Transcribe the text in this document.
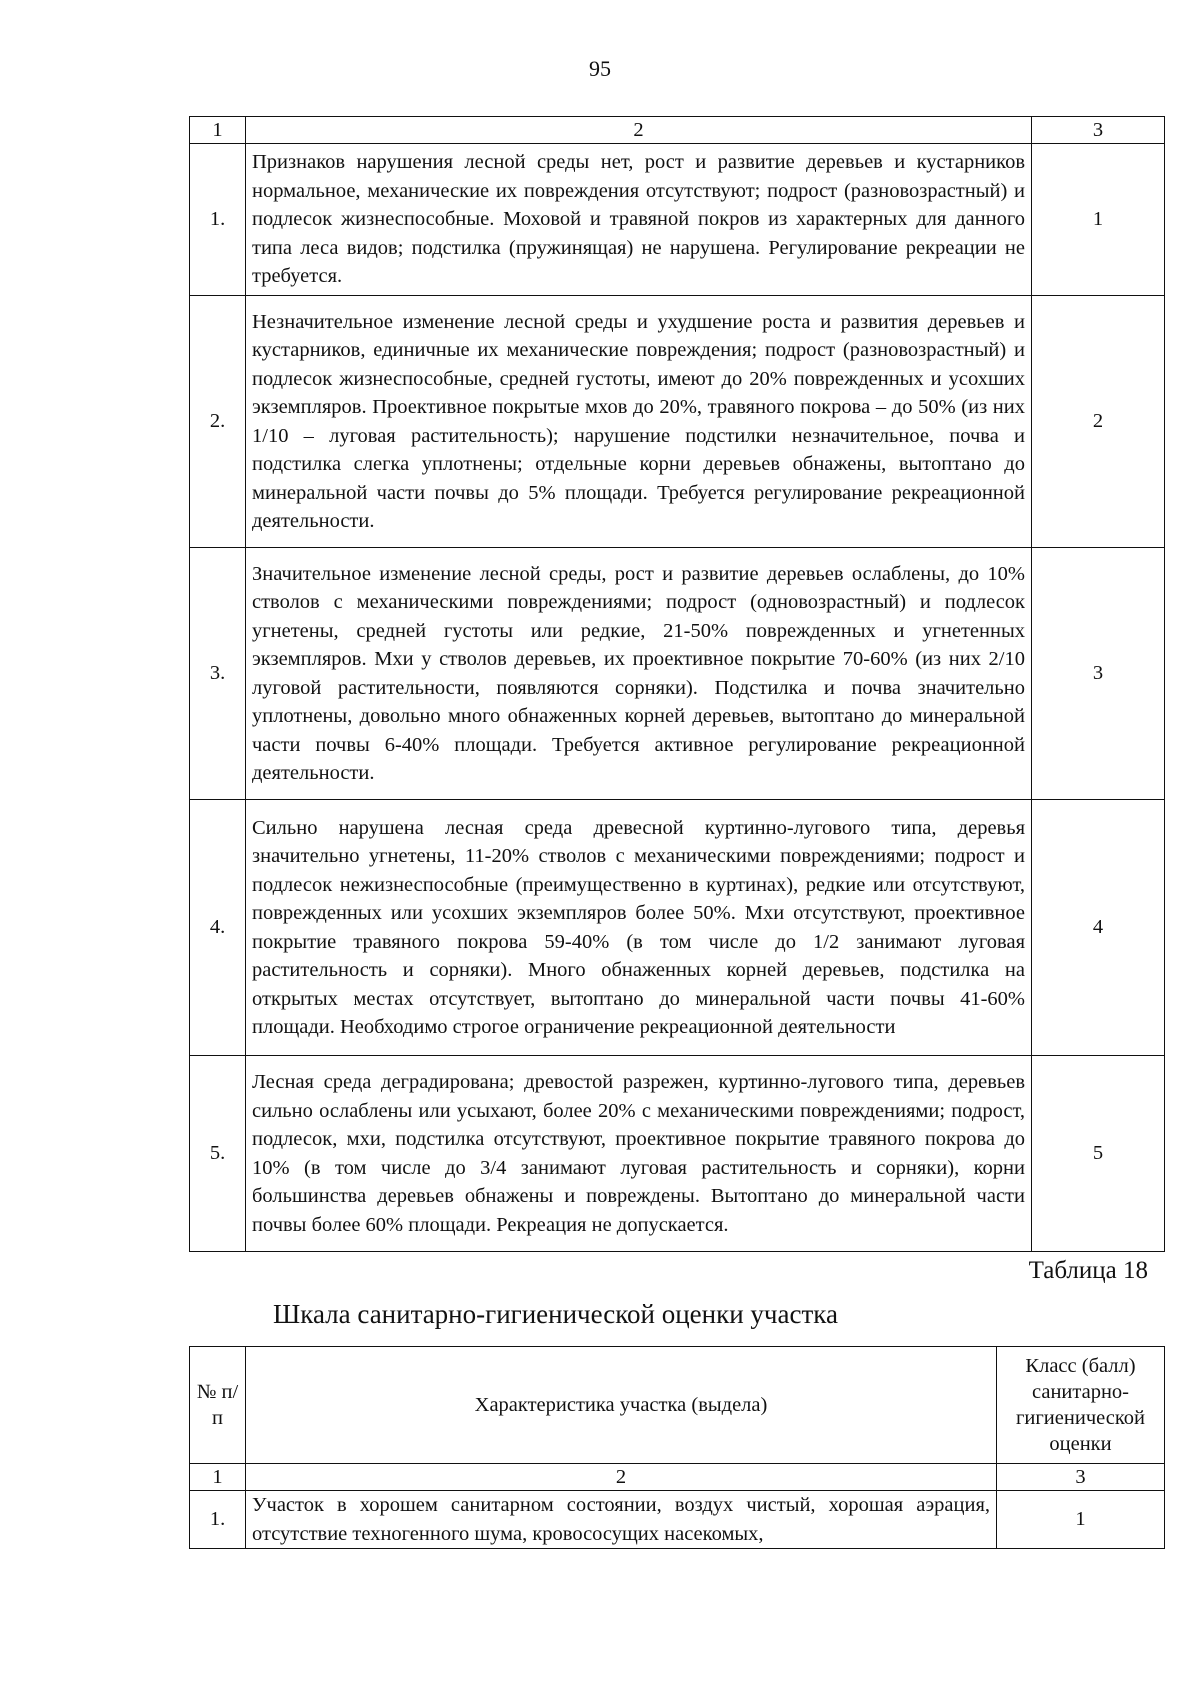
95
1	2	3
1.	Признаков нарушения лесной среды нет, рост и развитие деревьев и кустарников нормальное, механические их повреждения отсутствуют; подрост (разновозрастный) и подлесок жизнеспособные. Моховой и травяной покров из характерных для данного типа леса видов; подстилка (пружинящая) не нарушена. Регулирование рекреации не требуется.	1
2.	Незначительное изменение лесной среды и ухудшение роста и развития деревьев и кустарников, единичные их механические повреждения; подрост (разновозрастный) и подлесок жизнеспособные, средней густоты, имеют до 20% поврежденных и усохших экземпляров. Проективное покрытые мхов до 20%, травяного покрова – до 50% (из них 1/10 – луговая растительность); нарушение подстилки незначительное, почва и подстилка слегка уплотнены; отдельные корни деревьев обнажены, вытоптано до минеральной части почвы до 5% площади. Требуется регулирование рекреационной деятельности.	2
3.	Значительное изменение лесной среды, рост и развитие деревьев ослаблены, до 10% стволов с механическими повреждениями; подрост (одновозрастный) и подлесок угнетены, средней густоты или редкие, 21-50% поврежденных и угнетенных экземпляров. Мхи у стволов деревьев, их проективное покрытие 70-60% (из них 2/10 луговой растительности, появляются сорняки). Подстилка и почва значительно уплотнены, довольно много обнаженных корней деревьев, вытоптано до минеральной части почвы 6-40% площади. Требуется активное регулирование рекреационной деятельности.	3
4.	Сильно нарушена лесная среда древесной куртинно-лугового типа, деревья значительно угнетены, 11-20% стволов с механическими повреждениями; подрост и подлесок нежизнеспособные (преимущественно в куртинах), редкие или отсутствуют, поврежденных или усохших экземпляров более 50%. Мхи отсутствуют, проективное покрытие травяного покрова 59-40% (в том числе до 1/2 занимают луговая растительность и сорняки). Много обнаженных корней деревьев, подстилка на открытых местах отсутствует, вытоптано до минеральной части почвы 41-60% площади. Необходимо строгое ограничение рекреационной деятельности	4
5.	Лесная среда деградирована; древостой разрежен, куртинно-лугового типа, деревьев сильно ослаблены или усыхают, более 20% с механическими повреждениями; подрост, подлесок, мхи, подстилка отсутствуют, проективное покрытие травяного покрова до 10% (в том числе до 3/4 занимают луговая растительность и сорняки), корни большинства деревьев обнажены и повреждены. Вытоптано до минеральной части почвы более 60% площади. Рекреация не допускается.	5
Таблица 18
Шкала санитарно-гигиенической оценки участка
№ п/п	Характеристика участка (выдела)	Класс (балл) санитарно-гигиенической оценки
1	2	3
1.	Участок в хорошем санитарном состоянии, воздух чистый, хорошая аэрация, отсутствие техногенного шума, кровососущих насекомых,	1
